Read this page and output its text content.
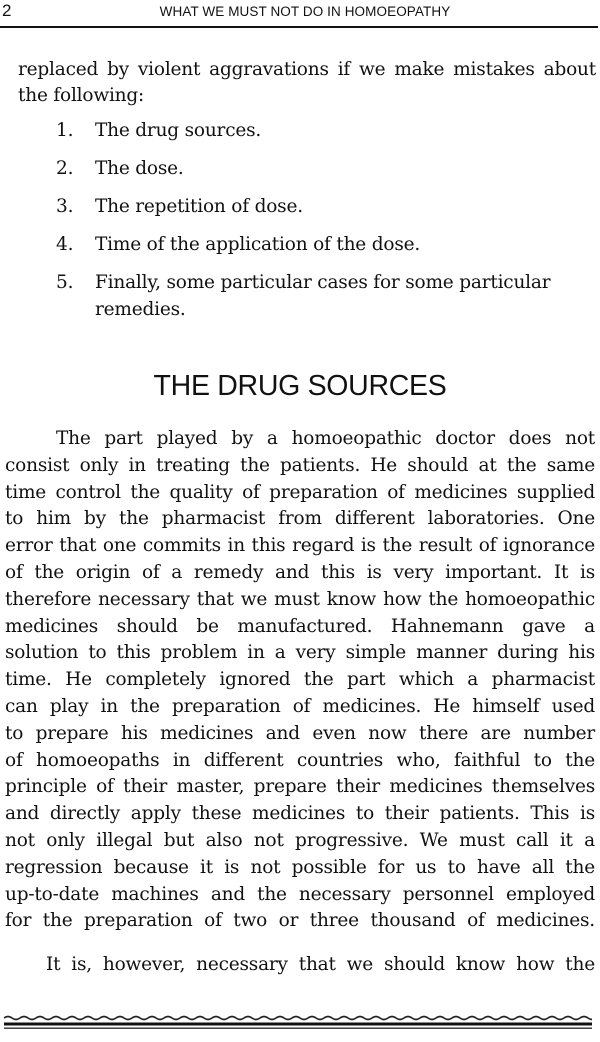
2	WHAT WE MUST NOT DO IN HOMOEOPATHY

replaced by violent aggravations if we make mistakes about the following:

1. The drug sources.
2. The dose.
3. The repetition of dose.
4. Time of the application of the dose.
5. Finally, some particular cases for some particular remedies.
THE DRUG SOURCES

The part played by a homoeopathic doctor does not
consist only in treating the patients. He should at the same
time control the quality of preparation of medicines supplied
to him by the pharmacist from different laboratories. One
error that one commits in this regard is the result of ignorance
of the origin of a remedy and this is very important. It is
therefore necessary that we must know how the homoeopathic
medicines should be manufactured. Hahnemann gave a
solution to this problem in a very simple manner during his
time. He completely ignored the part which a pharmacist
can play in the preparation of medicines. He himself used
to prepare his medicines and even now there are number
of homoeopaths in different countries who, faithful to the
principle of their master, prepare their medicines themselves
and directly apply these medicines to their patients. This is
not only illegal but also not progressive. We must call it a
regression because it is not possible for us to have all the
up-to-date machines and the necessary personnel employed
for the preparation of two or three thousand of medicines.

It is, however, necessary that we should know how the
